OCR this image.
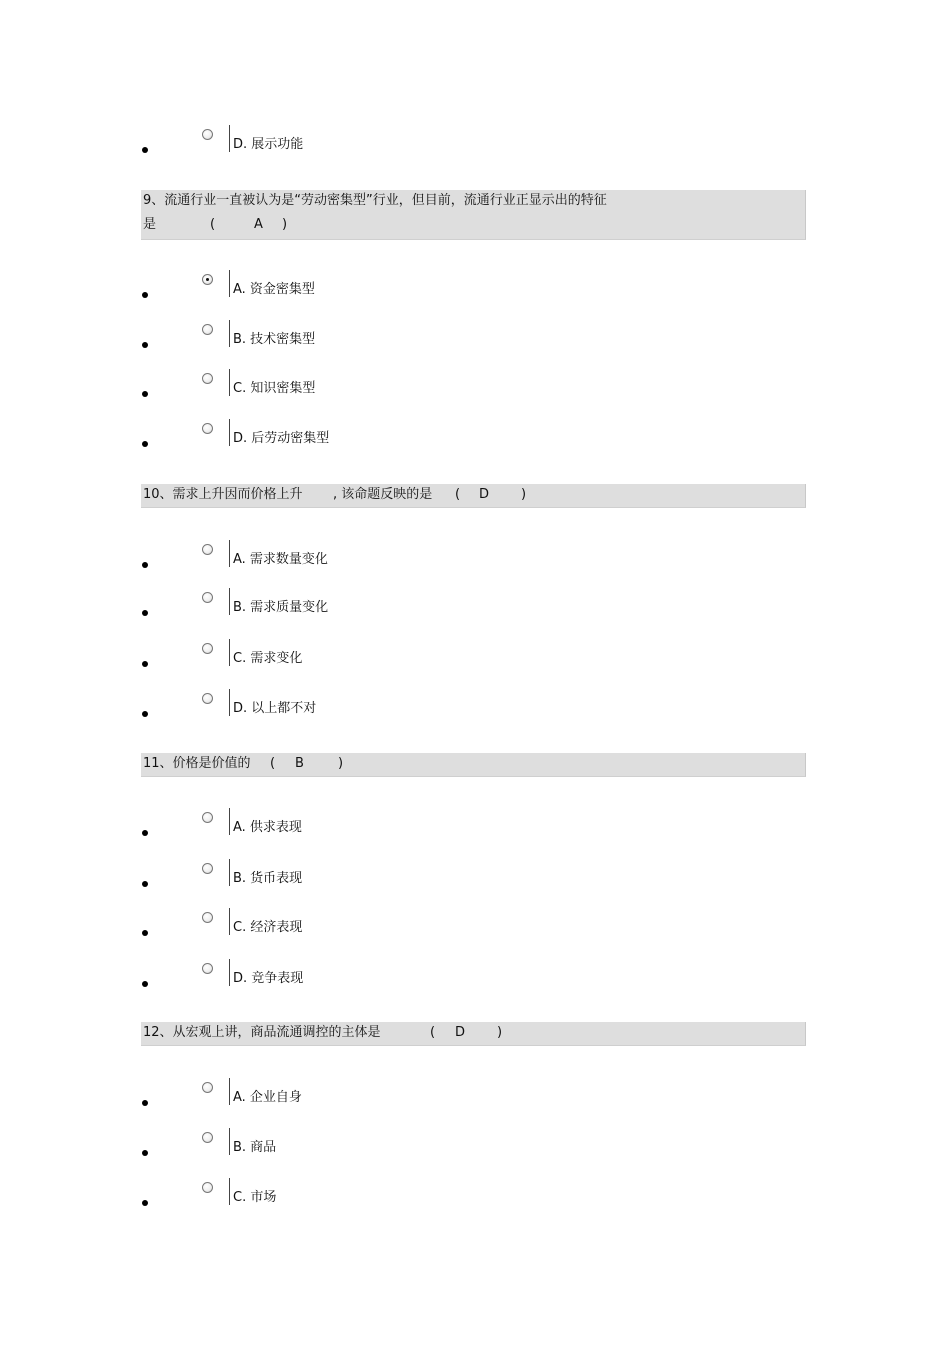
D. 展示功能
9、流通行业一直被认为是“劳动密集型”行业，但目前，流通行业正显示出的特征
是	(	A )
A. 资金密集型
B. 技术密集型
C. 知识密集型
D. 后劳动密集型
10、需求上升因而价格上升 , 该命题反映的是 ( D )
A. 需求数量变化
B. 需求质量变化
C. 需求变化
D. 以上都不对
11、价格是价值的 ( B	)
A. 供求表现
B. 货币表现
C. 经济表现
D. 竞争表现
12、从宏观上讲，商品流通调控的主体是	( D )
A. 企业自身
B. 商品
C. 市场
